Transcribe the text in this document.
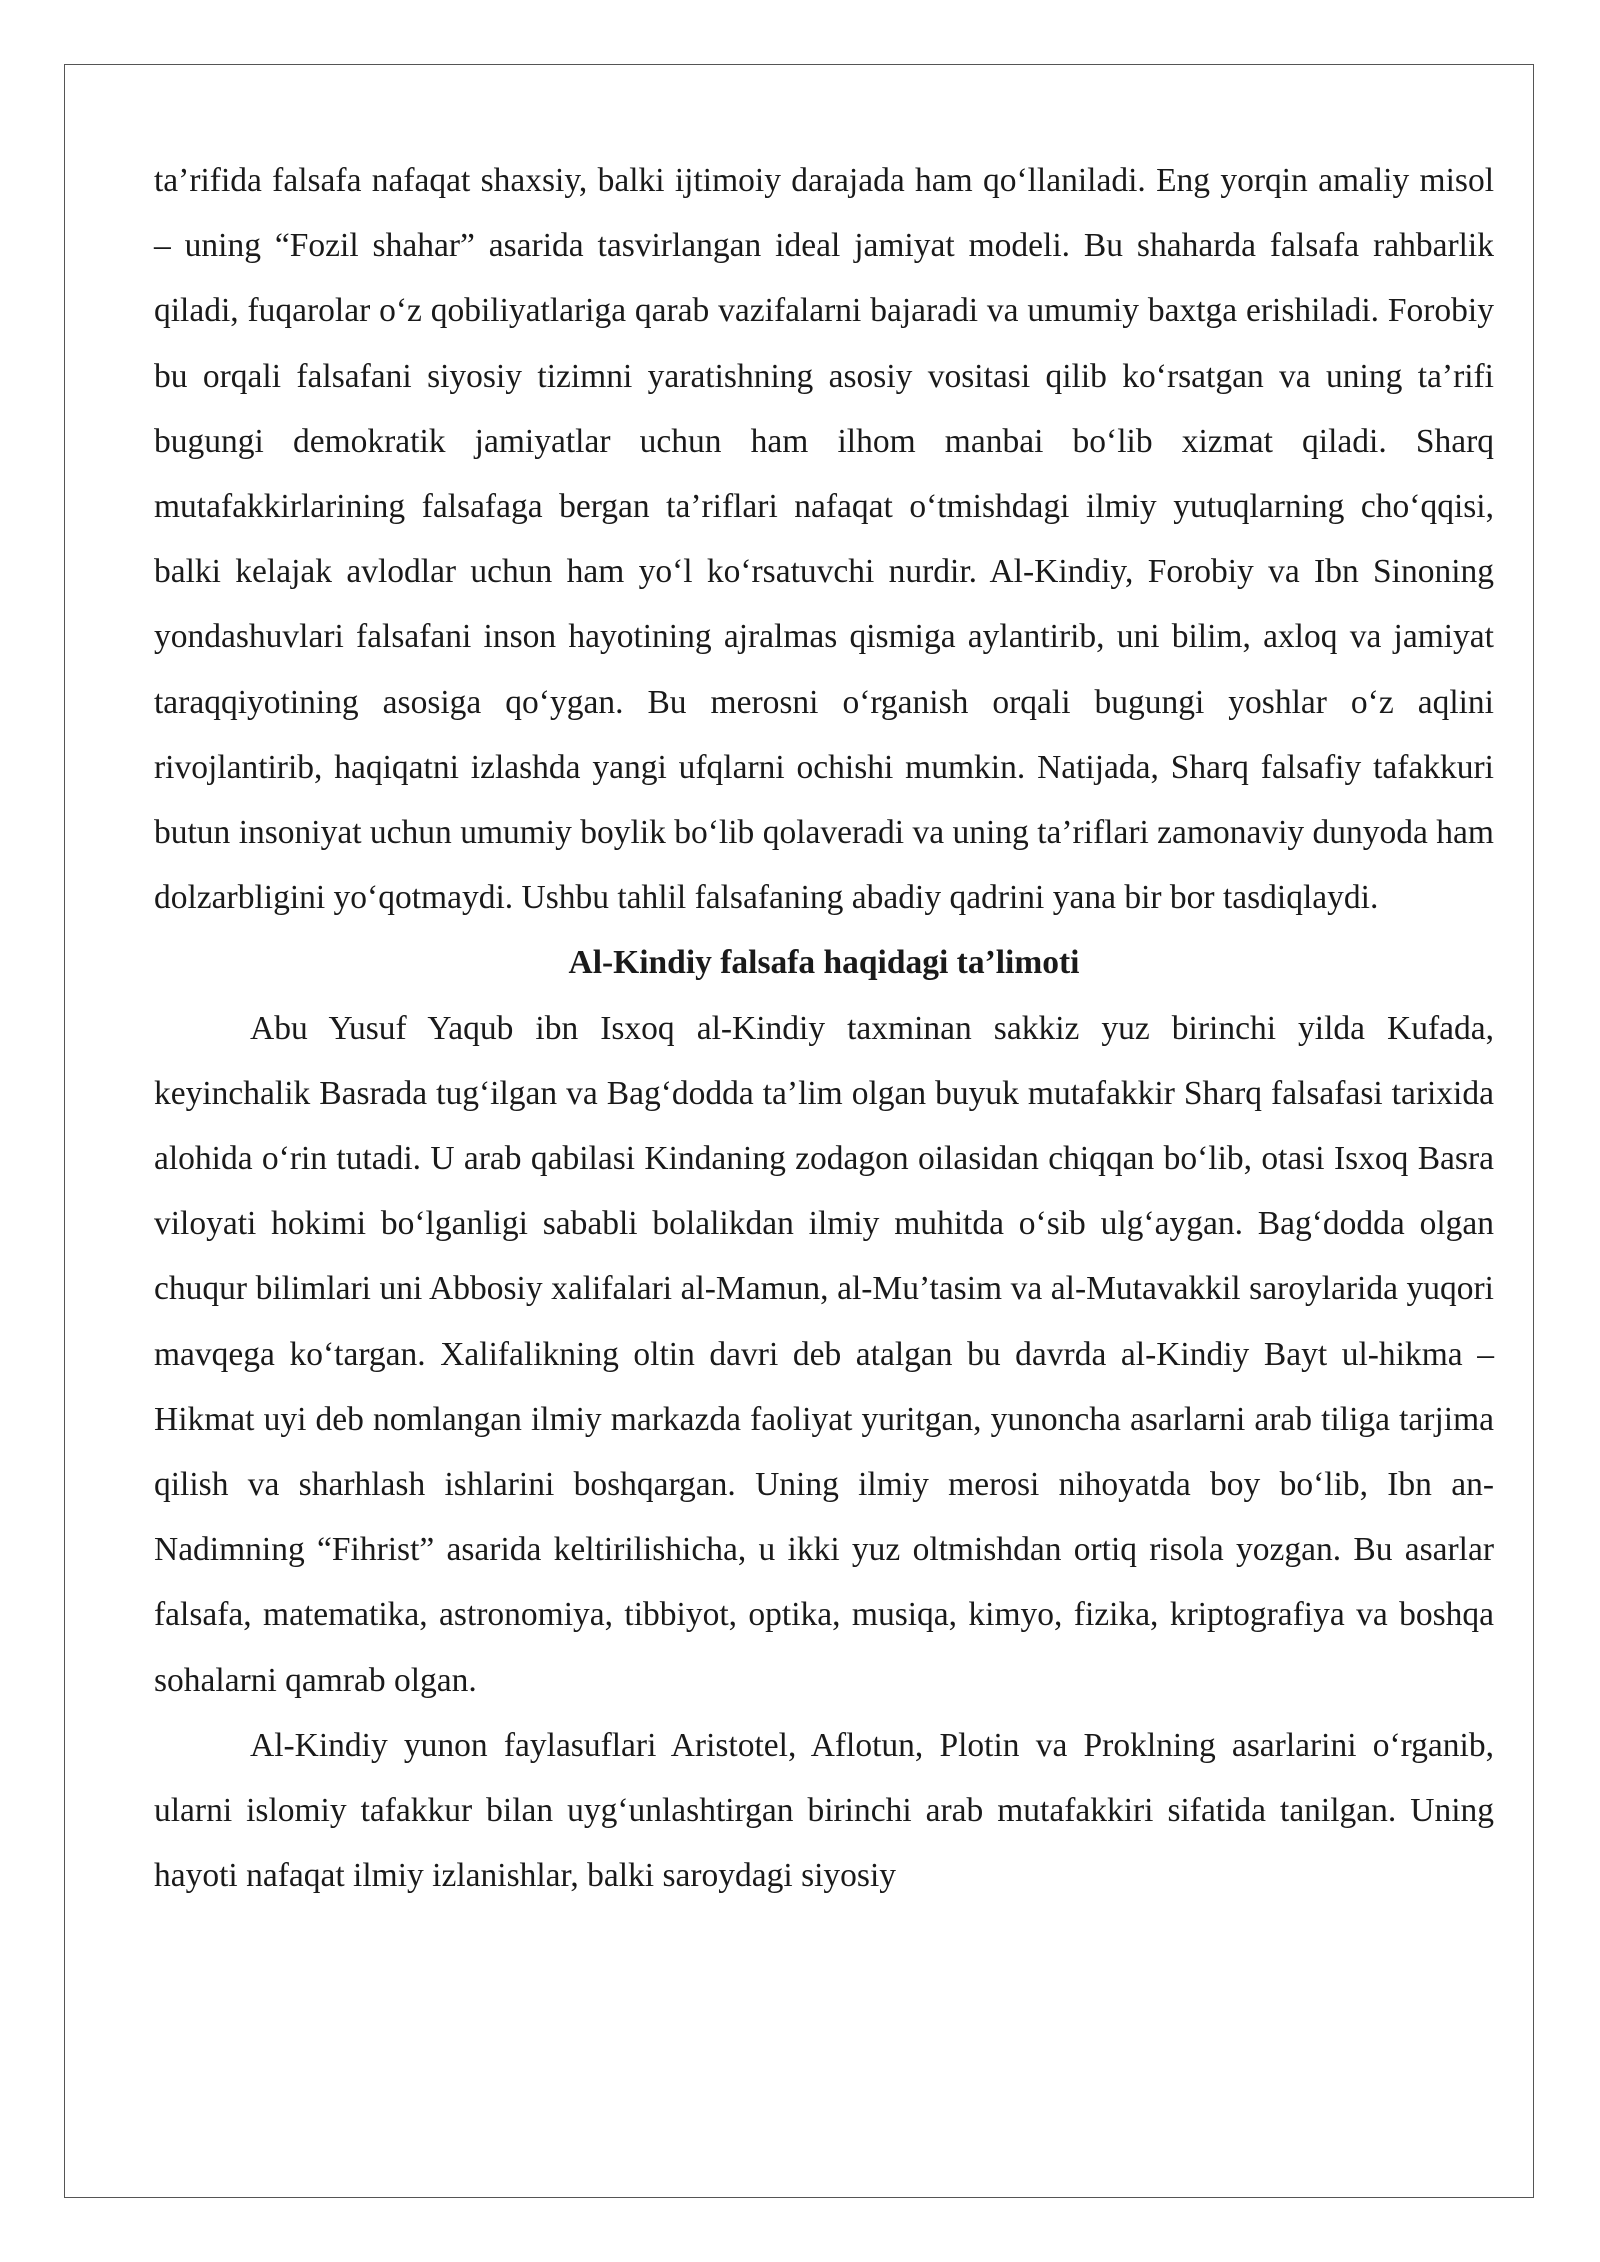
ta’rifida falsafa nafaqat shaxsiy, balki ijtimoiy darajada ham qo‘llaniladi. Eng yorqin amaliy misol – uning “Fozil shahar” asarida tasvirlangan ideal jamiyat modeli. Bu shaharda falsafa rahbarlik qiladi, fuqarolar o‘z qobiliyatlariga qarab vazifalarni bajaradi va umumiy baxtga erishiladi. Forobiy bu orqali falsafani siyosiy tizimni yaratishning asosiy vositasi qilib ko‘rsatgan va uning ta’rifi bugungi demokratik jamiyatlar uchun ham ilhom manbai bo‘lib xizmat qiladi. Sharq mutafakkirlarining falsafaga bergan ta’riflari nafaqat o‘tmishdagi ilmiy yutuqlarning cho‘qqisi, balki kelajak avlodlar uchun ham yo‘l ko‘rsatuvchi nurdir. Al-Kindiy, Forobiy va Ibn Sinoning yondashuvlari falsafani inson hayotining ajralmas qismiga aylantirib, uni bilim, axloq va jamiyat taraqqiyotining asosiga qo‘ygan. Bu merosni o‘rganish orqali bugungi yoshlar o‘z aqlini rivojlantirib, haqiqatni izlashda yangi ufqlarni ochishi mumkin. Natijada, Sharq falsafiy tafakkuri butun insoniyat uchun umumiy boylik bo‘lib qolaveradi va uning ta’riflari zamonaviy dunyoda ham dolzarbligini yo‘qotmaydi. Ushbu tahlil falsafaning abadiy qadrini yana bir bor tasdiqlaydi.

Al-Kindiy falsafa haqidagi ta’limoti

Abu Yusuf Yaqub ibn Isxoq al-Kindiy taxminan sakkiz yuz birinchi yilda Kufada, keyinchalik Basrada tug‘ilgan va Bag‘dodda ta’lim olgan buyuk mutafakkir Sharq falsafasi tarixida alohida o‘rin tutadi. U arab qabilasi Kindaning zodagon oilasidan chiqqan bo‘lib, otasi Isxoq Basra viloyati hokimi bo‘lganligi sababli bolalikdan ilmiy muhitda o‘sib ulg‘aygan. Bag‘dodda olgan chuqur bilimlari uni Abbosiy xalifalari al-Mamun, al-Mu’tasim va al-Mutavakkil saroylarida yuqori mavqega ko‘targan. Xalifalikning oltin davri deb atalgan bu davrda al-Kindiy Bayt ul-hikma – Hikmat uyi deb nomlangan ilmiy markazda faoliyat yuritgan, yunoncha asarlarni arab tiliga tarjima qilish va sharhlash ishlarini boshqargan. Uning ilmiy merosi nihoyatda boy bo‘lib, Ibn an-Nadimning “Fihrist” asarida keltirilishicha, u ikki yuz oltmishdan ortiq risola yozgan. Bu asarlar falsafa, matematika, astronomiya, tibbiyot, optika, musiqa, kimyo, fizika, kriptografiya va boshqa sohalarni qamrab olgan.

Al-Kindiy yunon faylasuflari Aristotel, Aflotun, Plotin va Proklning asarlarini o‘rganib, ularni islomiy tafakkur bilan uyg‘unlashtirgan birinchi arab mutafakkiri sifatida tanilgan. Uning hayoti nafaqat ilmiy izlanishlar, balki saroydagi siyosiy
